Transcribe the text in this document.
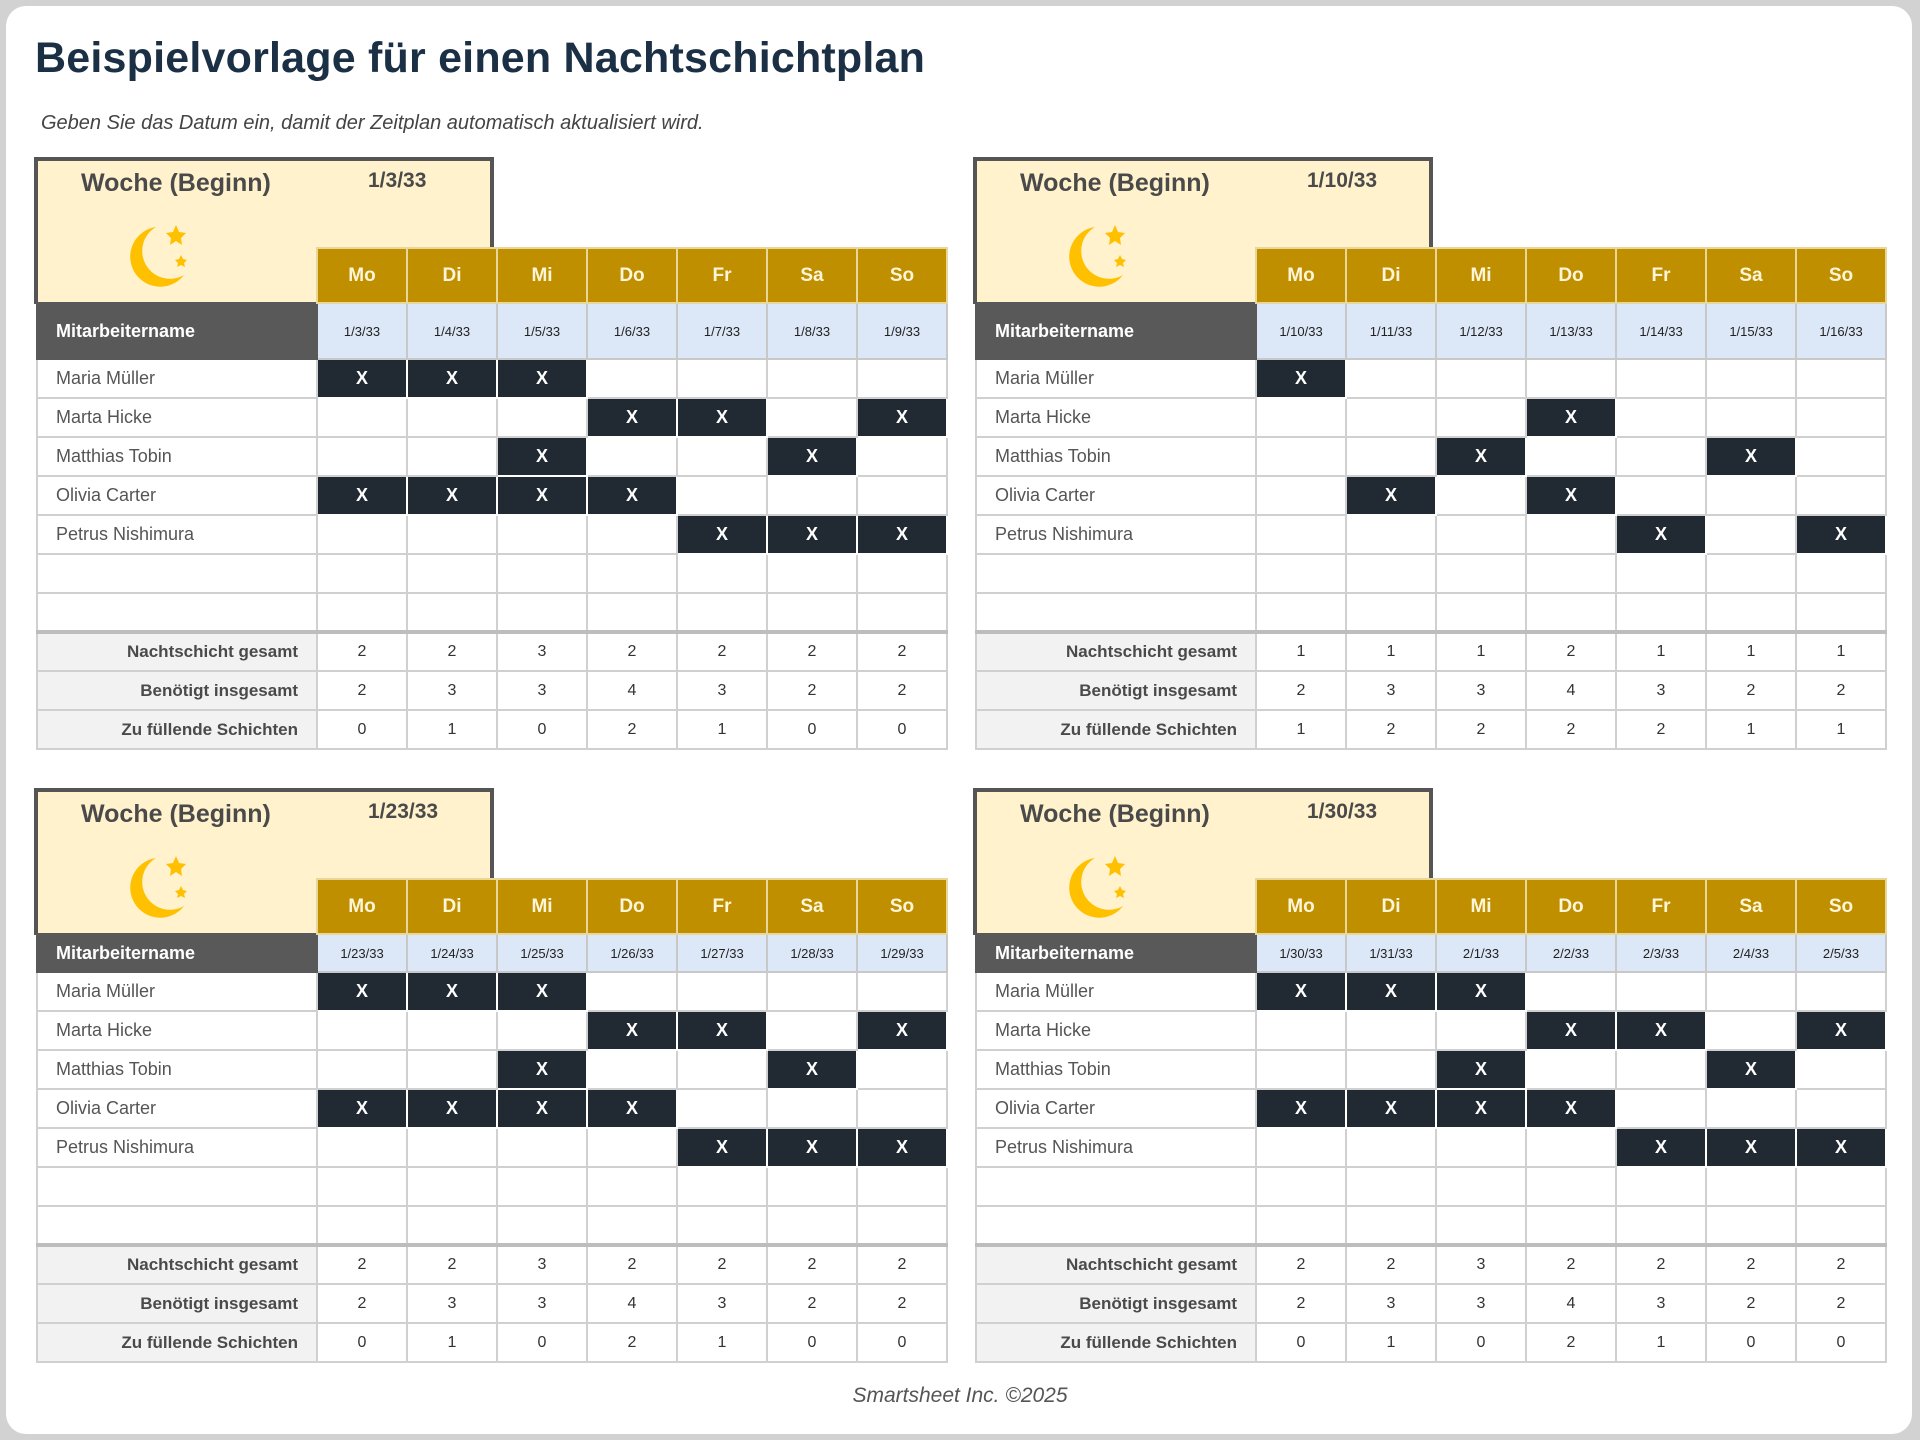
Beispielvorlage für einen Nachtschichtplan
Geben Sie das Datum ein, damit der Zeitplan automatisch aktualisiert wird.
Woche (Beginn)	1/3/33
	Mo	Di	Mi	Do	Fr	Sa	So
Mitarbeitername	1/3/33	1/4/33	1/5/33	1/6/33	1/7/33	1/8/33	1/9/33
Maria Müller	X	X	X				
Marta Hicke				X	X		X
Matthias Tobin			X			X	
Olivia Carter	X	X	X	X			
Petrus Nishimura					X	X	X

Nachtschicht gesamt	2	2	3	2	2	2	2
Benötigt insgesamt	2	3	3	4	3	2	2
Zu füllende Schichten	0	1	0	2	1	0	0
Woche (Beginn)	1/10/33
	Mo	Di	Mi	Do	Fr	Sa	So
Mitarbeitername	1/10/33	1/11/33	1/12/33	1/13/33	1/14/33	1/15/33	1/16/33
Maria Müller	X						
Marta Hicke				X			
Matthias Tobin			X			X	
Olivia Carter		X		X			
Petrus Nishimura					X		X

Nachtschicht gesamt	1	1	1	2	1	1	1
Benötigt insgesamt	2	3	3	4	3	2	2
Zu füllende Schichten	1	2	2	2	2	1	1
Woche (Beginn)	1/23/33
	Mo	Di	Mi	Do	Fr	Sa	So
Mitarbeitername	1/23/33	1/24/33	1/25/33	1/26/33	1/27/33	1/28/33	1/29/33
Maria Müller	X	X	X				
Marta Hicke				X	X		X
Matthias Tobin			X			X	
Olivia Carter	X	X	X	X			
Petrus Nishimura					X	X	X

Nachtschicht gesamt	2	2	3	2	2	2	2
Benötigt insgesamt	2	3	3	4	3	2	2
Zu füllende Schichten	0	1	0	2	1	0	0
Woche (Beginn)	1/30/33
	Mo	Di	Mi	Do	Fr	Sa	So
Mitarbeitername	1/30/33	1/31/33	2/1/33	2/2/33	2/3/33	2/4/33	2/5/33
Maria Müller	X	X	X				
Marta Hicke				X	X		X
Matthias Tobin			X			X	
Olivia Carter	X	X	X	X			
Petrus Nishimura					X	X	X

Nachtschicht gesamt	2	2	3	2	2	2	2
Benötigt insgesamt	2	3	3	4	3	2	2
Zu füllende Schichten	0	1	0	2	1	0	0
Smartsheet Inc. ©2025
